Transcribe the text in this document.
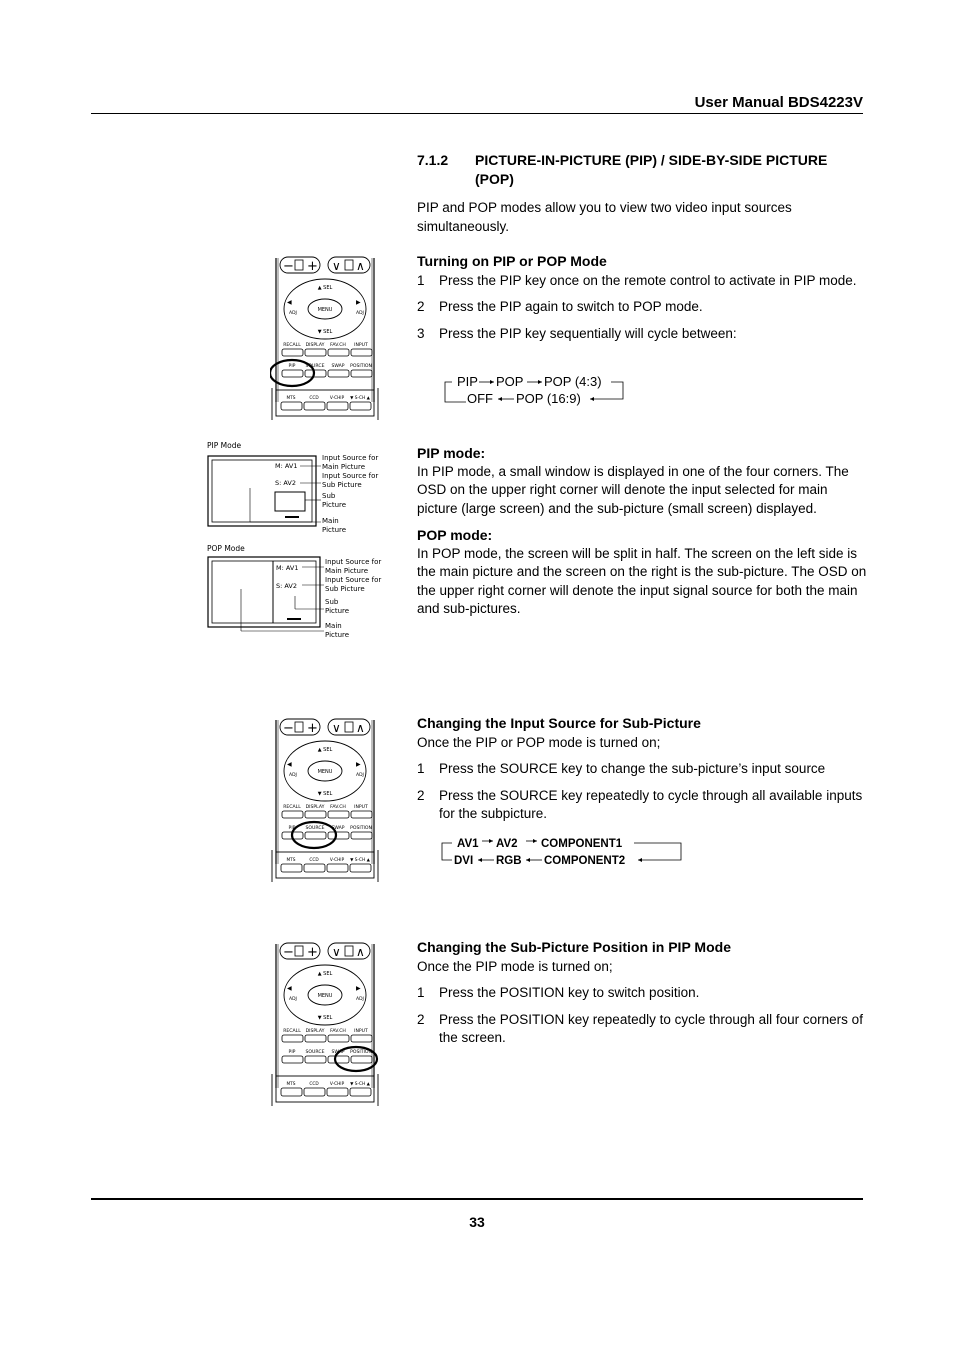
User Manual BDS4223V
7.1.2 PICTURE-IN-PICTURE (PIP) / SIDE-BY-SIDE PICTURE (POP)

PIP and POP modes allow you to view two video input sources simultaneously.

Turning on PIP or POP Mode

1 Press the PIP key once on the remote control to activate in PIP mode.

2 Press the PIP again to switch to POP mode.

3 Press the PIP key sequentially will cycle between:

PIP POP POP (4:3)
POP (16:9)
OFF

PIP mode:

In PIP mode, a small window is displayed in one of the four corners. The OSD on the upper right corner will denote the input selected for main picture (large screen) and the sub-picture (small screen) displayed.

POP mode:

In POP mode, the screen will be split in half. The screen on the left side is the main picture and the screen on the right is the sub-picture. The OSD on the upper right corner will denote the input signal source for both the main and sub-pictures.

Changing the Input Source for Sub-Picture

Once the PIP or POP mode is turned on;

1 Press the SOURCE key to change the sub-picture’s input source

2 Press the SOURCE key repeatedly to cycle through all available inputs for the subpicture.

AV1 AV2 COMPONENT1
COMPONENT2
RGB
DVI

Changing the Sub-Picture Position in PIP Mode

Once the PIP mode is turned on;

1 Press the POSITION key to switch position.

2 Press the POSITION key repeatedly to cycle through all four corners of the screen.

− + ∨ ∧
MENU
▲ SEL
▼ SEL
◀	▶
ADJ	ADJ
RECALL DISPLAY FAV.CH INPUT
PIP SOURCE SWAP POSITION
MTS	CCD	V-CHIP ▼ S-CH ▲
− + ∨ ∧
MENU
▲ SEL
▼ SEL
◀	▶
ADJ	ADJ
RECALL DISPLAY FAV.CH INPUT
PIP SOURCE SWAP POSITION
MTS	CCD	V-CHIP ▼ S-CH ▲
− + ∨ ∧
MENU
▲ SEL
▼ SEL
◀	▶
ADJ	ADJ
RECALL DISPLAY FAV.CH INPUT
PIP SOURCE SWAP POSITION
MTS	CCD	V-CHIP ▼ S-CH ▲
PIP Mode
M: AV1
S: AV2
Input Source for Main Picture
Input Source for Sub Picture
Sub Picture
Main Picture
POP Mode
M: AV1
S: AV2
Input Source for Main Picture
Input Source for Sub Picture
Sub Picture
Main Picture
33
